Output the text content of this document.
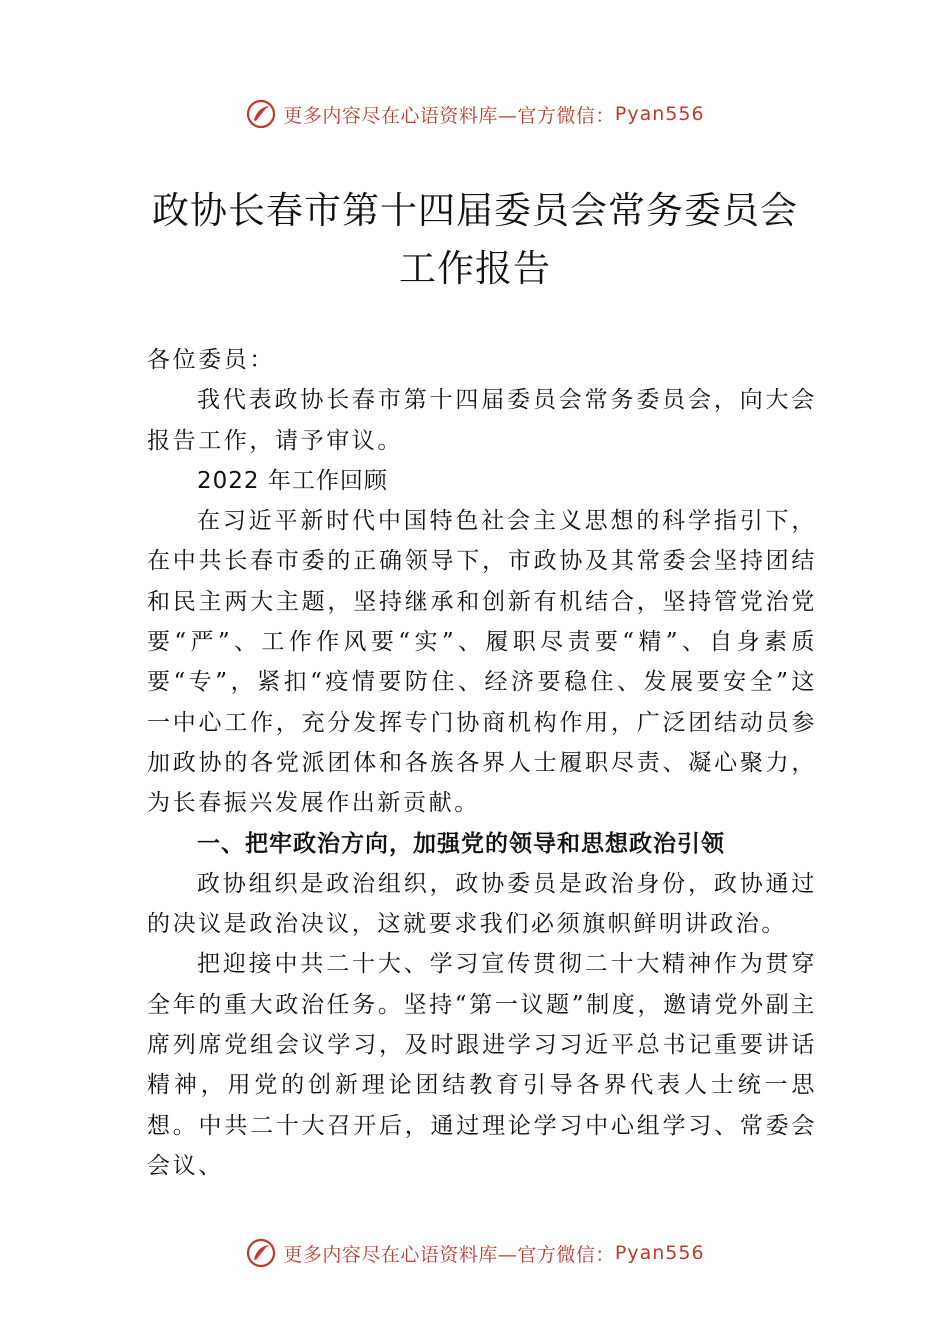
更多内容尽在心语资料库—官方微信： Pyan556
政协长春市第十四届委员会常务委员会工作报告

各位委员：

我代表政协长春市第十四届委员会常务委员会，向大会报告工作，请予审议。

2022 年工作回顾

在习近平新时代中国特色社会主义思想的科学指引下，在中共长春市委的正确领导下，市政协及其常委会坚持团结和民主两大主题，坚持继承和创新有机结合，坚持管党治党要“严”、工作作风要“实”、履职尽责要“精”、自身素质要“专”，紧扣“疫情要防住、经济要稳住、发展要安全”这一中心工作，充分发挥专门协商机构作用，广泛团结动员参加政协的各党派团体和各族各界人士履职尽责、凝心聚力，为长春振兴发展作出新贡献。

一、把牢政治方向，加强党的领导和思想政治引领

政协组织是政治组织，政协委员是政治身份，政协通过的决议是政治决议，这就要求我们必须旗帜鲜明讲政治。

把迎接中共二十大、学习宣传贯彻二十大精神作为贯穿全年的重大政治任务。坚持“第一议题”制度，邀请党外副主席列席党组会议学习，及时跟进学习习近平总书记重要讲话精神，用党的创新理论团结教育引导各界代表人士统一思想。中共二十大召开后，通过理论学习中心组学习、常委会会议、

更多内容尽在心语资料库—官方微信： Pyan556
